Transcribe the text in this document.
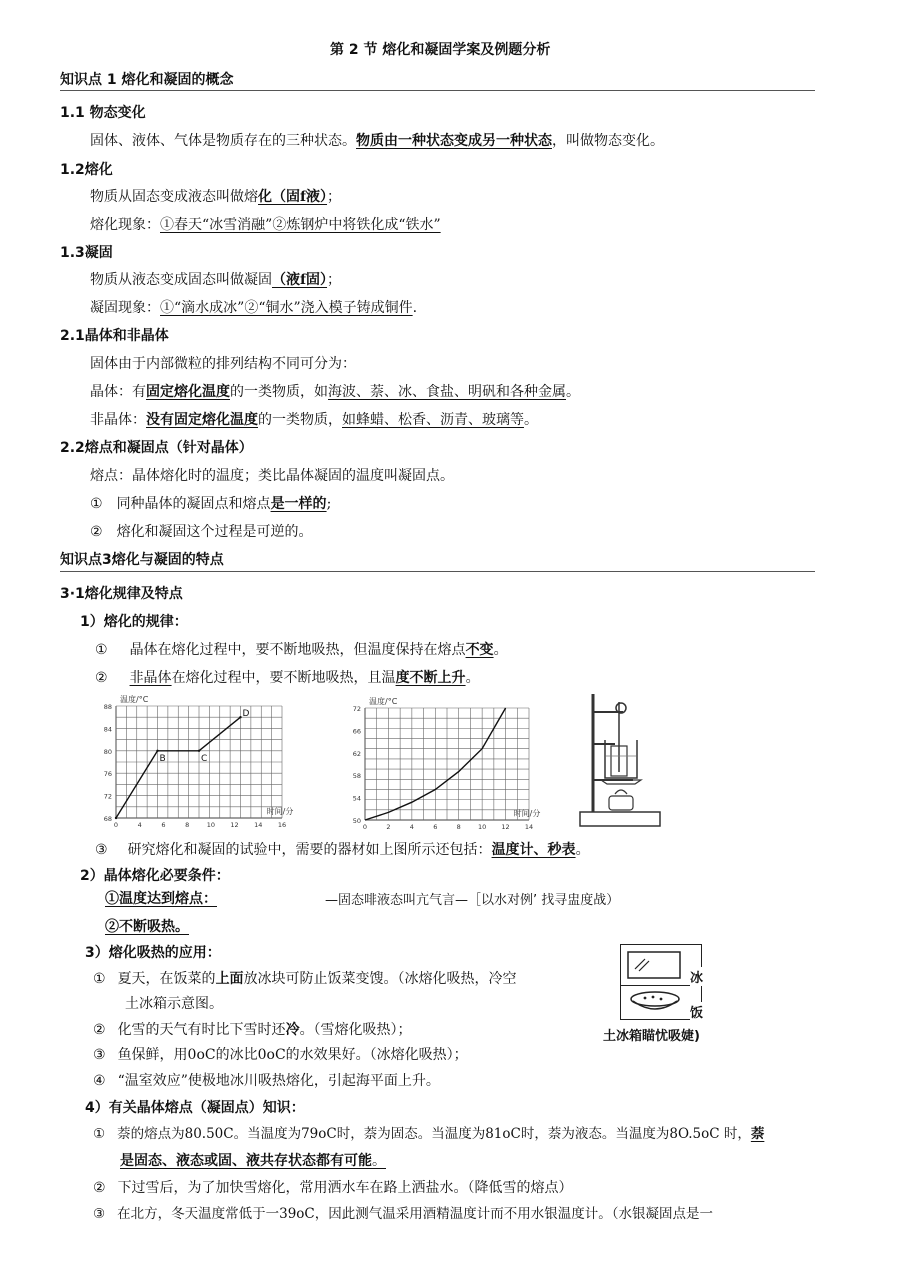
第 2 节 熔化和凝固学案及例题分析
知识点 1 熔化和凝固的概念
1.1 物态变化
固体、液体、气体是物质存在的三种状态。物质由一种状态变成另一种状态，叫做物态变化。
1.2熔化
物质从固态变成液态叫做熔化（固f液）；
熔化现象：①春天“冰雪消融”②炼钢炉中将铁化成“铁水”
1.3凝固
物质从液态变成固态叫做凝固（液f固）；
凝固现象：①“滴水成冰”②“铜水”浇入模子铸成铜件.
2.1晶体和非晶体
固体由于内部微粒的排列结构不同可分为：
晶体：有固定熔化温度的一类物质，如海波、萘、冰、食盐、明矾和各种金属。
非晶体：没有固定熔化温度的一类物质，如蜂蜡、松香、沥青、玻璃等。
2.2熔点和凝固点（针对晶体）
熔点：晶体熔化时的温度；类比晶体凝固的温度叫凝固点。
① 同种晶体的凝固点和熔点是一样的;
② 熔化和凝固这个过程是可逆的。
知识点3熔化与凝固的特点
3·1熔化规律及特点
1）熔化的规律：
① 晶体在熔化过程中，要不断地吸热，但温度保持在熔点不变。
② 非晶体在熔化过程中，要不断地吸热，且温度不断上升。
88
84
80
76
72
68
0	4	6	8	10 12 14 16
温度/°C
时间/分
B	C
D
72
66
62
58
54
50
0	2	4	6	8	10 12 14
温度/°C
时间/分
③ 研究熔化和凝固的试验中，需要的器材如上图所示还包括：温度计、秒表。
2）晶体熔化必要条件：
①温度达到熔点：	—固态啡液态叫亢气言—［以水对例’ 找寻盅度战）
②不断吸热。
3）熔化吸热的应用：
① 夏天，在饭菜的上面放冰块可防止饭菜变馊。（冰熔化吸热，冷空
土冰箱示意图。
② 化雪的天气有时比下雪时还冷。（雪熔化吸热）；
③ 鱼保鲜，用0oC的冰比0oC的水效果好。（冰熔化吸热）；
④ “温室效应”使极地冰川吸热熔化，引起海平面上升。
冰
饭
土冰箱瞄忧吸婕)
4）有关晶体熔点（凝固点）知识：
① 萘的熔点为80.50C。当温度为79oC时，萘为固态。当温度为81oC时，萘为液态。当温度为8O.5oC 时，萘
是固态、液态或固、液共存状态都有可能。
② 下过雪后，为了加快雪熔化，常用洒水车在路上洒盐水。（降低雪的熔点）
③ 在北方，冬天温度常低于一39oC，因此测气温采用酒精温度计而不用水银温度计。（水银凝固点是一
